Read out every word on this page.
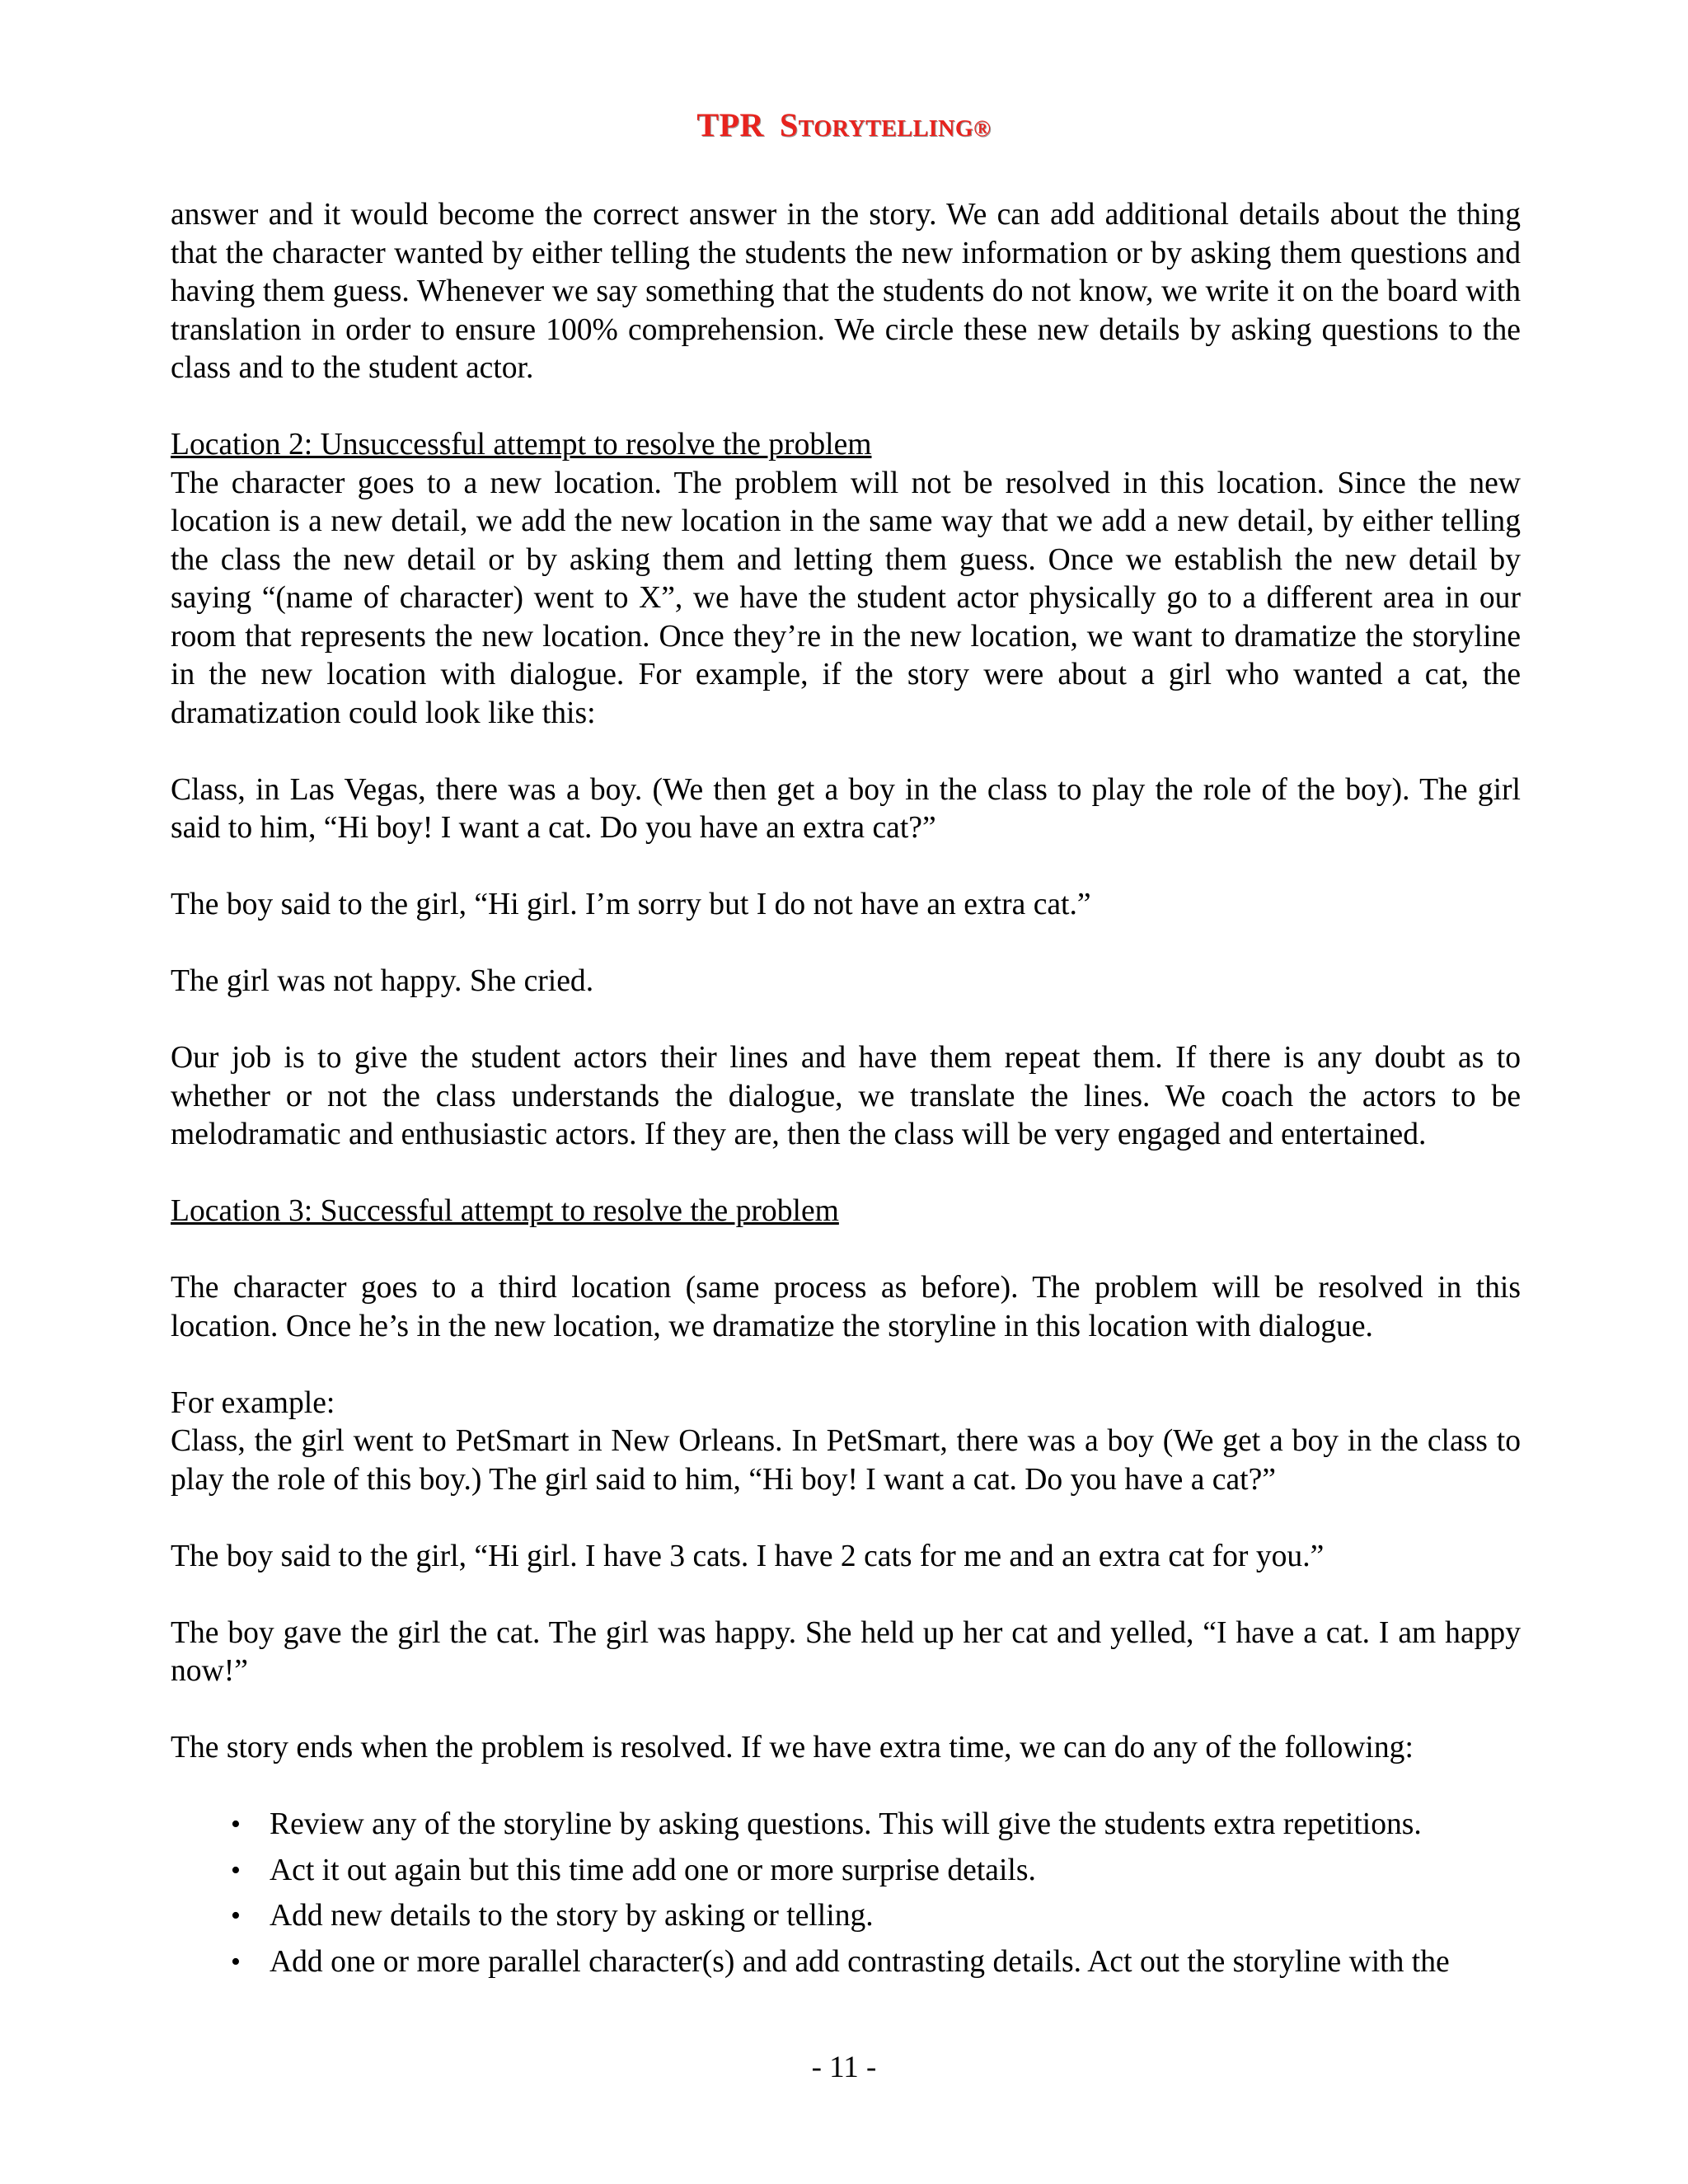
TPR STORYTELLING®

answer and it would become the correct answer in the story. We can add additional details about the thing that the character wanted by either telling the students the new information or by asking them questions and having them guess. Whenever we say something that the students do not know, we write it on the board with translation in order to ensure 100% comprehension. We circle these new details by asking questions to the class and to the student actor.

Location 2: Unsuccessful attempt to resolve the problem

The character goes to a new location. The problem will not be resolved in this location. Since the new location is a new detail, we add the new location in the same way that we add a new detail, by either telling the class the new detail or by asking them and letting them guess. Once we establish the new detail by saying “(name of character) went to X”, we have the student actor physically go to a different area in our room that represents the new location. Once they’re in the new location, we want to dramatize the storyline in the new location with dialogue. For example, if the story were about a girl who wanted a cat, the dramatization could look like this:

Class, in Las Vegas, there was a boy. (We then get a boy in the class to play the role of the boy). The girl said to him, “Hi boy! I want a cat. Do you have an extra cat?”

The boy said to the girl, “Hi girl. I’m sorry but I do not have an extra cat.”

The girl was not happy. She cried.

Our job is to give the student actors their lines and have them repeat them. If there is any doubt as to whether or not the class understands the dialogue, we translate the lines. We coach the actors to be melodramatic and enthusiastic actors. If they are, then the class will be very engaged and entertained.

Location 3: Successful attempt to resolve the problem

The character goes to a third location (same process as before). The problem will be resolved in this location. Once he’s in the new location, we dramatize the storyline in this location with dialogue.

For example:

Class, the girl went to PetSmart in New Orleans. In PetSmart, there was a boy (We get a boy in the class to play the role of this boy.) The girl said to him, “Hi boy! I want a cat. Do you have a cat?”

The boy said to the girl, “Hi girl. I have 3 cats. I have 2 cats for me and an extra cat for you.”

The boy gave the girl the cat. The girl was happy. She held up her cat and yelled, “I have a cat. I am happy now!”

The story ends when the problem is resolved. If we have extra time, we can do any of the following:

• Review any of the storyline by asking questions. This will give the students extra repetitions.
• Act it out again but this time add one or more surprise details.
• Add new details to the story by asking or telling.
• Add one or more parallel character(s) and add contrasting details. Act out the storyline with the
- 11 -
